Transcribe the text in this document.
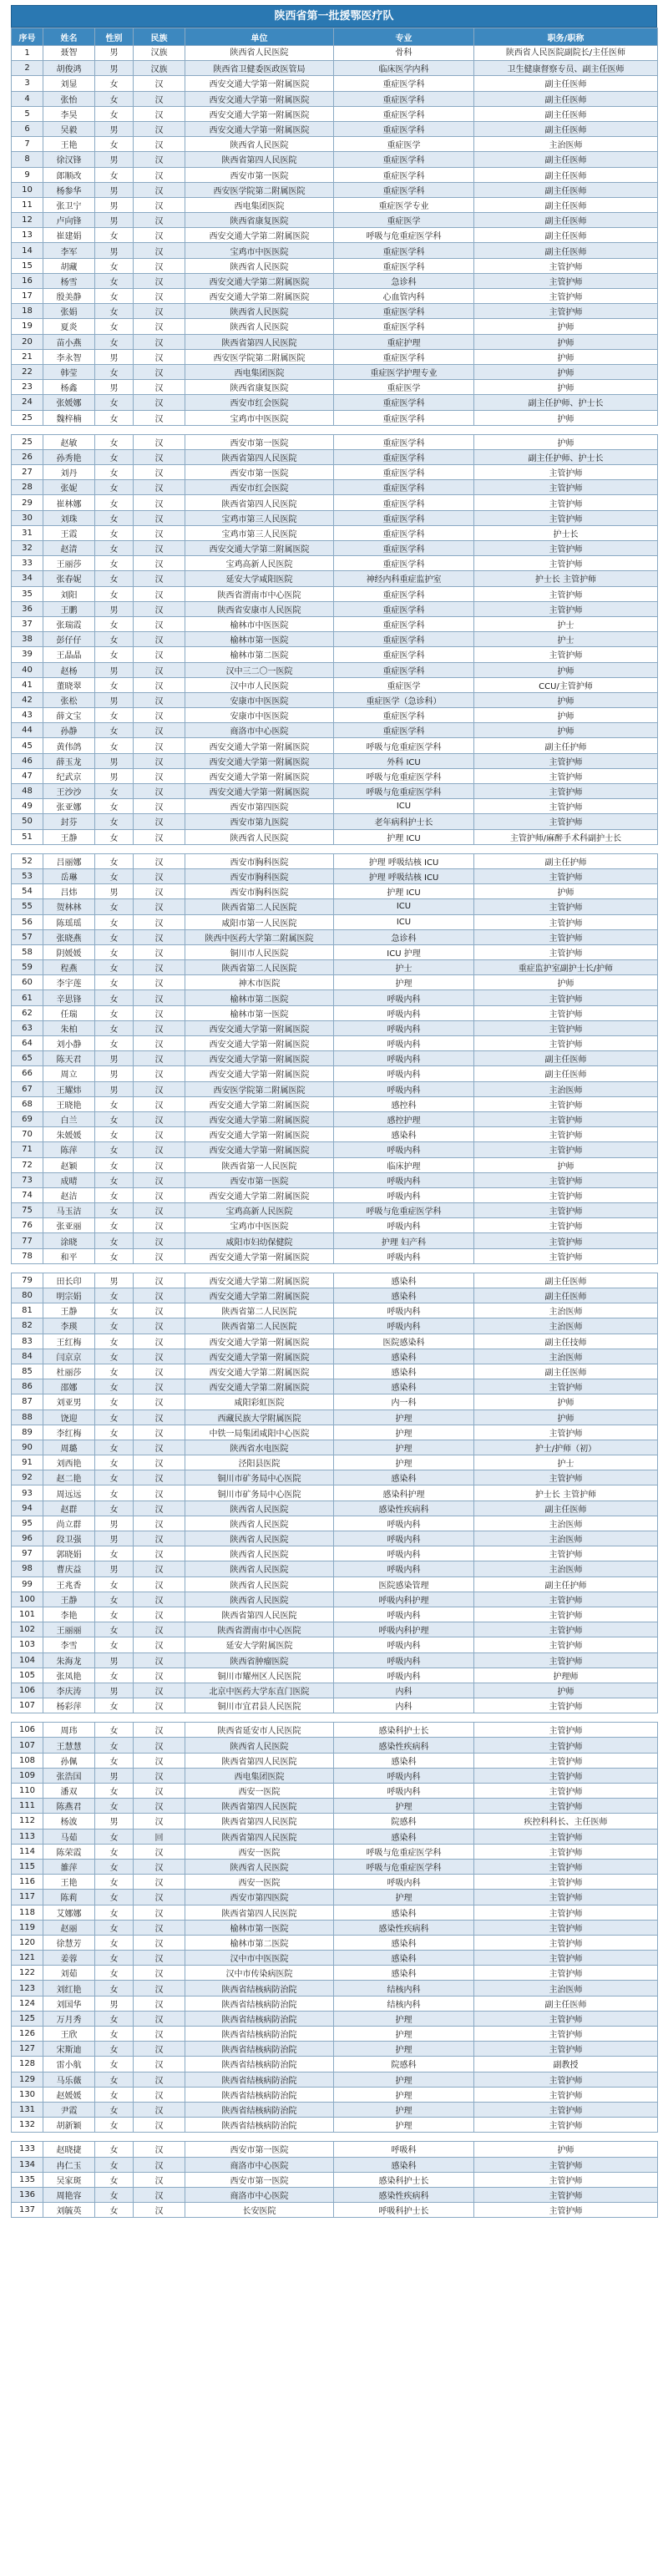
陕西省第一批援鄂医疗队
序号	姓名	性别	民族	单位	专业	职务/职称
1	聂智	男	汉族	陕西省人民医院	骨科	陕西省人民医院副院长/主任医师
2	胡俊鸿	男	汉族	陕西省卫健委医政医管局	临床医学内科	卫生健康督察专员、副主任医师
3	刘显	女	汉	西安交通大学第一附属医院	重症医学科	副主任医师
4	张怡	女	汉	西安交通大学第一附属医院	重症医学科	副主任医师
5	李昊	女	汉	西安交通大学第一附属医院	重症医学科	副主任医师
6	吴毅	男	汉	西安交通大学第一附属医院	重症医学科	副主任医师
7	王艳	女	汉	陕西省人民医院	重症医学	主治医师
8	徐汉锋	男	汉	陕西省第四人民医院	重症医学科	副主任医师
9	郎顺改	女	汉	西安市第一医院	重症医学科	副主任医师
10	杨参华	男	汉	西安医学院第二附属医院	重症医学科	副主任医师
11	张卫宁	男	汉	西电集团医院	重症医学专业	副主任医师
12	卢向锋	男	汉	陕西省康复医院	重症医学	副主任医师
13	崔建娟	女	汉	西安交通大学第二附属医院	呼吸与危重症医学科	副主任医师
14	李军	男	汉	宝鸡市中医医院	重症医学科	副主任医师
15	胡藏	女	汉	陕西省人民医院	重症医学科	主管护师
16	杨雪	女	汉	西安交通大学第二附属医院	急诊科	主管护师
17	殷美静	女	汉	西安交通大学第二附属医院	心血管内科	主管护师
18	张娟	女	汉	陕西省人民医院	重症医学科	主管护师
19	夏炎	女	汉	陕西省人民医院	重症医学科	护师
20	苗小燕	女	汉	陕西省第四人民医院	重症护理	护师
21	李永智	男	汉	西安医学院第二附属医院	重症医学科	护师
22	韩莹	女	汉	西电集团医院	重症医学护理专业	护师
23	杨鑫	男	汉	陕西省康复医院	重症医学	护师
24	张媛娜	女	汉	西安市红会医院	重症医学科	副主任护师、护士长
25	魏梓楠	女	汉	宝鸡市中医医院	重症医学科	护师
25	赵敏	女	汉	西安市第一医院	重症医学科	护师
26	孙秀艳	女	汉	陕西省第四人民医院	重症医学科	副主任护师、护士长
27	刘丹	女	汉	西安市第一医院	重症医学科	主管护师
28	张妮	女	汉	西安市红会医院	重症医学科	主管护师
29	崔林娜	女	汉	陕西省第四人民医院	重症医学科	主管护师
30	刘珠	女	汉	宝鸡市第三人民医院	重症医学科	主管护师
31	王霞	女	汉	宝鸡市第三人民医院	重症医学科	护士长
32	赵清	女	汉	西安交通大学第二附属医院	重症医学科	主管护师
33	王丽莎	女	汉	宝鸡高新人民医院	重症医学科	主管护师
34	张春妮	女	汉	延安大学咸阳医院	神经内科重症监护室	护士长 主管护师
35	刘阳	女	汉	陕西省渭南市中心医院	重症医学科	主管护师
36	王鹏	男	汉	陕西省安康市人民医院	重症医学科	主管护师
37	张瑞霞	女	汉	榆林市中医医院	重症医学科	护士
38	彭仔仔	女	汉	榆林市第一医院	重症医学科	护士
39	王晶晶	女	汉	榆林市第二医院	重症医学科	主管护师
40	赵杨	男	汉	汉中三二〇一医院	重症医学科	护师
41	董晓翠	女	汉	汉中市人民医院	重症医学	CCU/主管护师
42	张松	男	汉	安康市中医医院	重症医学（急诊科）	护师
43	薛文宝	女	汉	安康市中医医院	重症医学科	护师
44	孙静	女	汉	商洛市中心医院	重症医学科	护师
45	黄伟鸽	女	汉	西安交通大学第一附属医院	呼吸与危重症医学科	副主任护师
46	薛玉龙	男	汉	西安交通大学第一附属医院	外科 ICU	主管护师
47	纪武京	男	汉	西安交通大学第一附属医院	呼吸与危重症医学科	主管护师
48	王沙沙	女	汉	西安交通大学第一附属医院	呼吸与危重症医学科	主管护师
49	张亚娜	女	汉	西安市第四医院	ICU	主管护师
50	封芬	女	汉	西安市第九医院	老年病科护士长	主管护师
51	王静	女	汉	陕西省人民医院	护理 ICU	主管护师/麻醉手术科副护士长
52	吕丽娜	女	汉	西安市胸科医院	护理 呼吸结核 ICU	副主任护师
53	岳琳	女	汉	西安市胸科医院	护理 呼吸结核 ICU	主管护师
54	吕炜	男	汉	西安市胸科医院	护理 ICU	护师
55	贺林林	女	汉	陕西省第二人民医院	ICU	主管护师
56	陈瑶瑶	女	汉	咸阳市第一人民医院	ICU	主管护师
57	张晓燕	女	汉	陕西中医药大学第二附属医院	急诊科	主管护师
58	阴媛媛	女	汉	铜川市人民医院	ICU 护理	主管护师
59	程燕	女	汉	陕西省第二人民医院	护士	重症监护室副护士长/护师
60	李宇莲	女	汉	神木市医院	护理	护师
61	辛思锋	女	汉	榆林市第二医院	呼吸内科	主管护师
62	任瑞	女	汉	榆林市第一医院	呼吸内科	主管护师
63	朱柏	女	汉	西安交通大学第一附属医院	呼吸内科	主管护师
64	刘小静	女	汉	西安交通大学第一附属医院	呼吸内科	主管护师
65	陈天君	男	汉	西安交通大学第一附属医院	呼吸内科	副主任医师
66	周立	男	汉	西安交通大学第一附属医院	呼吸内科	副主任医师
67	王耀炜	男	汉	西安医学院第二附属医院	呼吸内科	主治医师
68	王晓艳	女	汉	西安交通大学第二附属医院	感控科	主管护师
69	白兰	女	汉	西安交通大学第二附属医院	感控护理	主管护师
70	朱媛媛	女	汉	西安交通大学第一附属医院	感染科	主管护师
71	陈萍	女	汉	西安交通大学第一附属医院	呼吸内科	主管护师
72	赵颖	女	汉	陕西省第一人民医院	临床护理	护师
73	成晴	女	汉	西安市第一医院	呼吸内科	主管护师
74	赵洁	女	汉	西安交通大学第二附属医院	呼吸内科	主管护师
75	马玉洁	女	汉	宝鸡高新人民医院	呼吸与危重症医学科	主管护师
76	张亚丽	女	汉	宝鸡市中医医院	呼吸内科	主管护师
77	涂晓	女	汉	咸阳市妇幼保健院	护理 妇产科	主管护师
78	和平	女	汉	西安交通大学第一附属医院	呼吸内科	主管护师
79	田长印	男	汉	西安交通大学第二附属医院	感染科	副主任医师
80	明宗娟	女	汉	西安交通大学第二附属医院	感染科	副主任医师
81	王静	女	汉	陕西省第二人民医院	呼吸内科	主治医师
82	李瑛	女	汉	陕西省第二人民医院	呼吸内科	主治医师
83	王红梅	女	汉	西安交通大学第一附属医院	医院感染科	副主任技师
84	闫京京	女	汉	西安交通大学第一附属医院	感染科	主治医师
85	杜丽莎	女	汉	西安交通大学第二附属医院	感染科	副主任医师
86	邵娜	女	汉	西安交通大学第二附属医院	感染科	主管护师
87	刘亚男	女	汉	咸阳彩虹医院	内一科	护师
88	饶迎	女	汉	西藏民族大学附属医院	护理	护师
89	李红梅	女	汉	中铁一局集团咸阳中心医院	护理	主管护师
90	周璐	女	汉	陕西省水电医院	护理	护士/护师（初）
91	刘西艳	女	汉	泾阳县医院	护理	护士
92	赵二艳	女	汉	铜川市矿务局中心医院	感染科	主管护师
93	周远远	女	汉	铜川市矿务局中心医院	感染科护理	护士长 主管护师
94	赵群	女	汉	陕西省人民医院	感染性疾病科	副主任医师
95	尚立群	男	汉	陕西省人民医院	呼吸内科	主治医师
96	段卫强	男	汉	陕西省人民医院	呼吸内科	主治医师
97	郭晓娟	女	汉	陕西省人民医院	呼吸内科	主管护师
98	曹庆益	男	汉	陕西省人民医院	呼吸内科	主治医师
99	王兆香	女	汉	陕西省人民医院	医院感染管理	副主任护师
100	王静	女	汉	陕西省人民医院	呼吸内科护理	主管护师
101	李艳	女	汉	陕西省第四人民医院	呼吸内科	主管护师
102	王丽丽	女	汉	陕西省渭南市中心医院	呼吸内科护理	主管护师
103	李雪	女	汉	延安大学附属医院	呼吸内科	主管护师
104	朱海龙	男	汉	陕西省肿瘤医院	呼吸内科	主管护师
105	张凤艳	女	汉	铜川市耀州区人民医院	呼吸内科	护理师
106	李庆涛	男	汉	北京中医药大学东直门医院	内科	护师
107	杨彩萍	女	汉	铜川市宜君县人民医院	内科	主管护师
106	周玮	女	汉	陕西省延安市人民医院	感染科护士长	主管护师
107	王慧慧	女	汉	陕西省人民医院	感染性疾病科	主管护师
108	孙佩	女	汉	陕西省第四人民医院	感染科	主管护师
109	张浩国	男	汉	西电集团医院	呼吸内科	主管护师
110	潘双	女	汉	西安一医院	呼吸内科	主管护师
111	陈燕君	女	汉	陕西省第四人民医院	护理	主管护师
112	杨波	男	汉	陕西省第四人民医院	院感科	疾控科科长、主任医师
113	马茹	女	回	陕西省第四人民医院	感染科	主管护师
114	陈荣霞	女	汉	西安一医院	呼吸与危重症医学科	主管护师
115	雒萍	女	汉	陕西省人民医院	呼吸与危重症医学科	主管护师
116	王艳	女	汉	西安一医院	呼吸内科	主管护师
117	陈莉	女	汉	西安市第四医院	护理	主管护师
118	艾娜娜	女	汉	陕西省第四人民医院	感染科	主管护师
119	赵丽	女	汉	榆林市第一医院	感染性疾病科	主管护师
120	徐慧芳	女	汉	榆林市第二医院	感染科	主管护师
121	姜蓉	女	汉	汉中市中医医院	感染科	主管护师
122	刘茹	女	汉	汉中市传染病医院	感染科	主管护师
123	刘红艳	女	汉	陕西省结核病防治院	结核内科	主治医师
124	刘国华	男	汉	陕西省结核病防治院	结核内科	副主任医师
125	万月秀	女	汉	陕西省结核病防治院	护理	主管护师
126	王欣	女	汉	陕西省结核病防治院	护理	主管护师
127	宋斯迪	女	汉	陕西省结核病防治院	护理	主管护师
128	雷小航	女	汉	陕西省结核病防治院	院感科	副教授
129	马乐薇	女	汉	陕西省结核病防治院	护理	主管护师
130	赵媛媛	女	汉	陕西省结核病防治院	护理	主管护师
131	尹霞	女	汉	陕西省结核病防治院	护理	主管护师
132	胡新颖	女	汉	陕西省结核病防治院	护理	主管护师
133	赵晓捷	女	汉	西安市第一医院	呼吸科	护师
134	冉仁玉	女	汉	商洛市中心医院	感染科	主管护师
135	吴家斑	女	汉	西安市第一医院	感染科护士长	主管护师
136	周艳容	女	汉	商洛市中心医院	感染性疾病科	主管护师
137	刘毓英	女	汉	长安医院	呼吸科护士长	主管护师
